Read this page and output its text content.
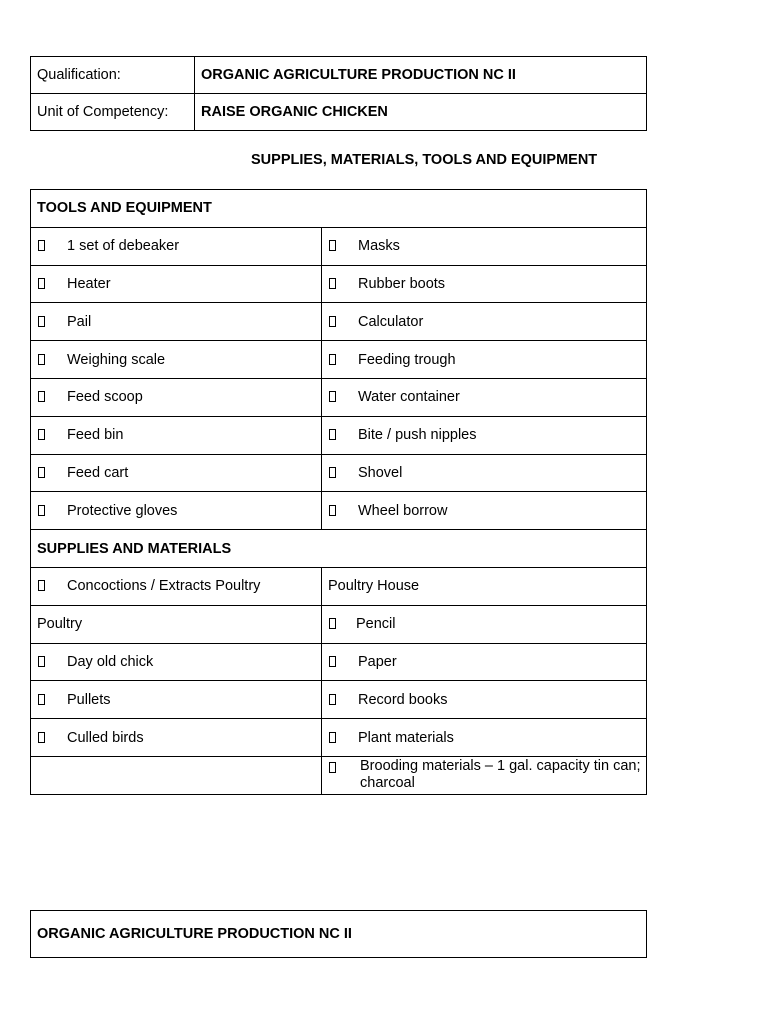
Qualification:	ORGANIC AGRICULTURE PRODUCTION NC II
Unit of Competency:	RAISE ORGANIC CHICKEN
SUPPLIES, MATERIALS, TOOLS AND EQUIPMENT
TOOLS AND EQUIPMENT	
1 set of debeaker	Masks
Heater	Rubber boots
Pail	Calculator
Weighing scale	Feeding trough
Feed scoop	Water container
Feed bin	Bite / push nipples
Feed cart	Shovel
Protective gloves	Wheel borrow
SUPPLIES AND MATERIALS	
Concoctions / Extracts Poultry	Poultry House
Poultry	Pencil
Day old chick	Paper
Pullets	Record books
Culled birds	Plant materials

	Brooding materials – 1 gal. capacity tin can; charcoal
ORGANIC AGRICULTURE PRODUCTION NC II
